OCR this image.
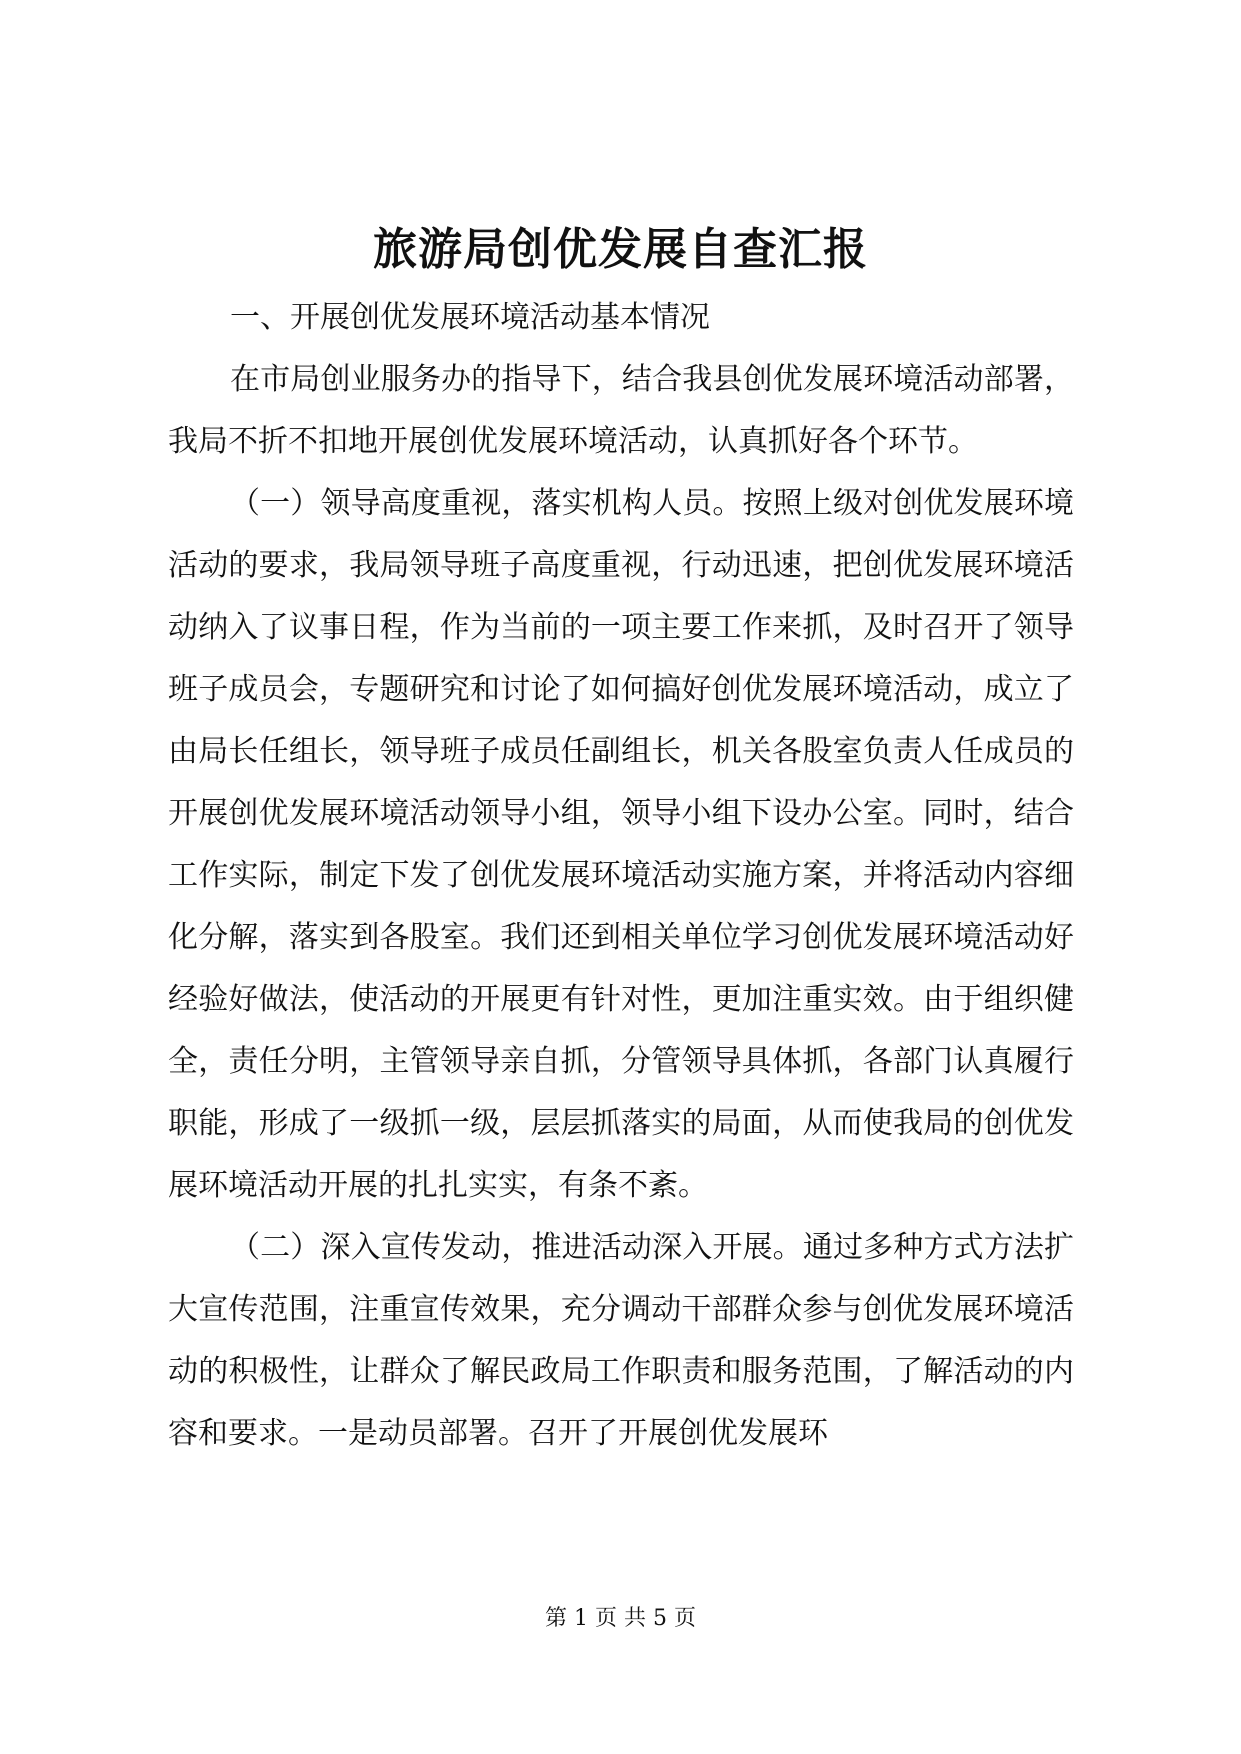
旅游局创优发展自查汇报

一、开展创优发展环境活动基本情况

在市局创业服务办的指导下，结合我县创优发展环境活动部署，我局不折不扣地开展创优发展环境活动，认真抓好各个环节。

（一）领导高度重视，落实机构人员。按照上级对创优发展环境活动的要求，我局领导班子高度重视，行动迅速，把创优发展环境活动纳入了议事日程，作为当前的一项主要工作来抓，及时召开了领导班子成员会，专题研究和讨论了如何搞好创优发展环境活动，成立了由局长任组长，领导班子成员任副组长，机关各股室负责人任成员的开展创优发展环境活动领导小组，领导小组下设办公室。同时，结合工作实际，制定下发了创优发展环境活动实施方案，并将活动内容细化分解，落实到各股室。我们还到相关单位学习创优发展环境活动好经验好做法，使活动的开展更有针对性，更加注重实效。由于组织健全，责任分明，主管领导亲自抓，分管领导具体抓，各部门认真履行职能，形成了一级抓一级，层层抓落实的局面，从而使我局的创优发展环境活动开展的扎扎实实，有条不紊。

（二）深入宣传发动，推进活动深入开展。通过多种方式方法扩大宣传范围，注重宣传效果，充分调动干部群众参与创优发展环境活动的积极性，让群众了解民政局工作职责和服务范围，了解活动的内容和要求。一是动员部署。召开了开展创优发展环

第 1 页 共 5 页
